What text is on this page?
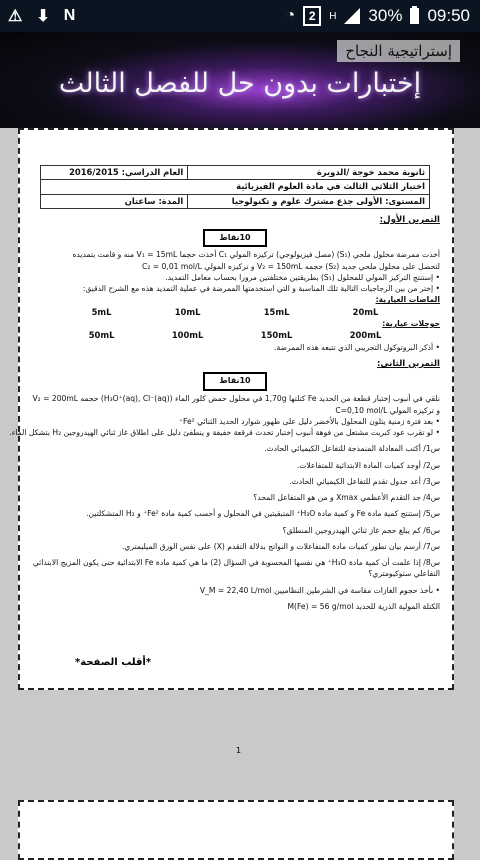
⚠ ⬇ N	◔	2	H 30% 09:50
إستراتيجية النجاح
إختبارات بدون حل للفصل الثالث
ثانوية محمد خوجة /الدويرة	العام الدراسي: 2016/2015
اختبار الثلاثي الثالث في مادة العلوم الفيزيائية	
المستوى: الأولى جذع مشترك علوم و تكنولوجيا	المدة: ساعتان
التمرين الأول:
10نقاط
أخذت ممرضة محلول ملحي (S₁) (مصل فيزيولوجي) تركيزه المولي C₁ أخذت حجما V₁ = 15mL منه و قامت بتمديده
لتحصل على محلول ملحي جديد (S₂) حجمه V₂ = 150mL و تركيزه المولي C₂ = 0,01 mol/L
• إستنتج التركيز المولي للمحلول (S₁) بطريقتين مختلفتين مرورا بحساب معامل التمديد.
• إختر من بين الزجاجيات التالية تلك المناسبة و التي استخدمتها الممرضة في عملية التمديد هذه مع الشرح الدقيق:
الماصات العيارية:
5mL	10mL	15mL	20mL
حوجلات عيارية:
50mL	100mL	150mL	200mL
• أذكر البروتوكول التجريبي الذي تتبعه هذه الممرضة.
التمرين الثاني:
10نقاط
نلقي في أنبوب إختبار قطعة من الحديد Fe كتلتها 1,70g في محلول حمض كلور الماء (H₃O⁺(aq), Cl⁻(aq)) حجمه V₂ = 200mL
و تركيزه المولي C=0,10 mol/L
• بعد فترة زمنية يتلون المحلول بالأخضر دليل على ظهور شوارد الحديد الثنائي Fe²⁺
• لو تقرب عود كبريت مشتعل من فوهة أنبوب إختبار تحدث فرقعة خفيفة و ينطفئ دليل على اطلاق غاز ثنائي الهيدروجين H₂ بتشكل الماء.
س1/ أكتب المعادلة المنمذجة للتفاعل الكيميائي الحادث.
س2/ أوجد كميات المادة الابتدائية للمتفاعلات.
س3/ أعد جدول تقدم للتفاعل الكيميائي الحادث.
س4/ جد التقدم الأعظمي Xmax و من هو المتفاعل المحد؟
س5/ إستنتج كمية مادة Fe و كمية مادة H₃O⁺ المتبقيتين في المحلول و أحسب كمية مادة Fe²⁺ و H₂ المتشكلتين.
س6/ كم يبلغ حجم غاز ثنائي الهيدروجين المنطلق؟
س7/ أرسم بيان تطور كميات مادة المتفاعلات و النواتج بدلالة التقدم (X) على نفس الورق الميليمتري.
س8/ إذا علمت أن كمية مادة H₃O⁺ هي نفسها المحسوبة في السؤال (2) ما هي كمية مادة Fe الابتدائية حتى يكون المزيج الابتدائي
التفاعلي ستوكيومتري؟
• نأخذ حجوم الغازات مقاسة في الشرطين النظاميين V_M = 22,40 L/mol
الكتلة المولية الذرية للحديد M(Fe) = 56 g/mol
1
*أقلب الصفحة*
